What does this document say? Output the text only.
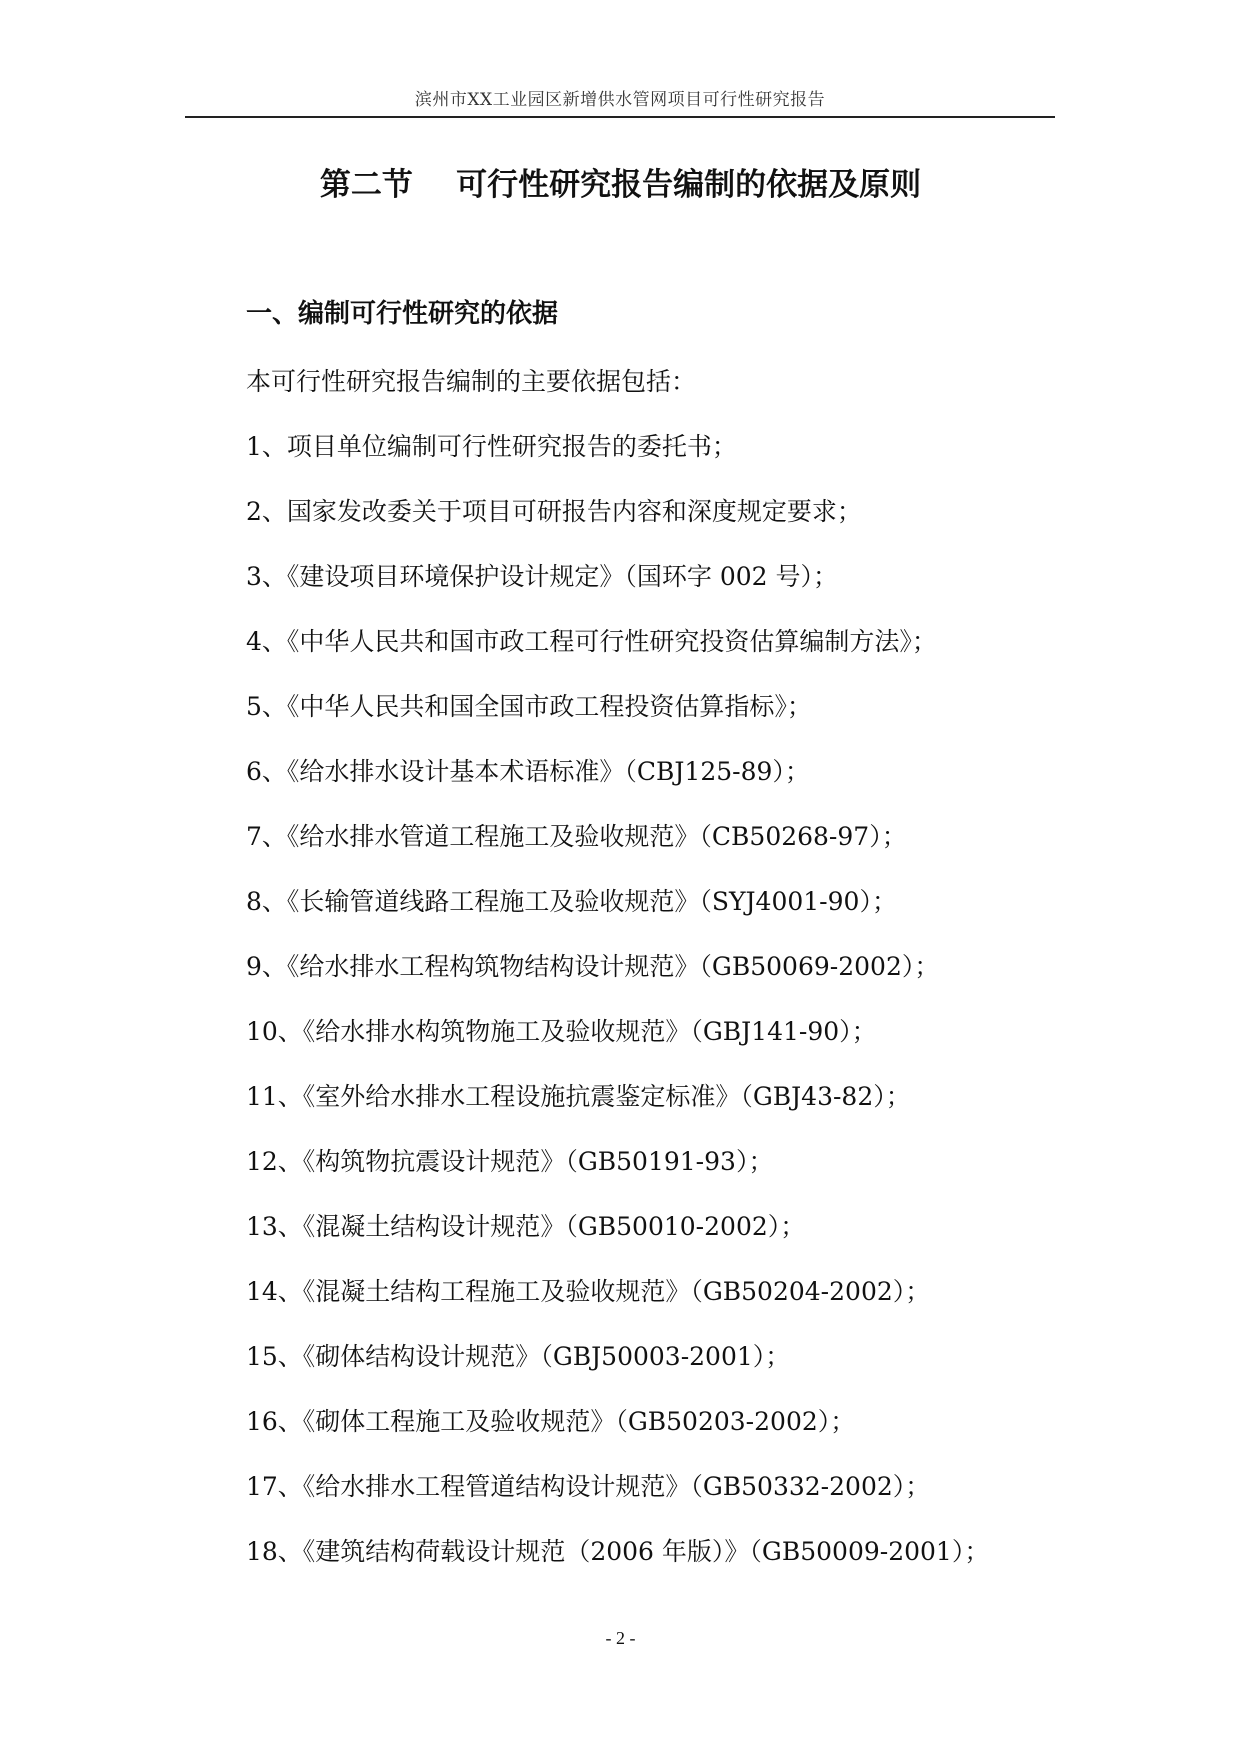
滨州市XX工业园区新增供水管网项目可行性研究报告
第二节    可行性研究报告编制的依据及原则
一、编制可行性研究的依据
本可行性研究报告编制的主要依据包括：
1、项目单位编制可行性研究报告的委托书；
2、国家发改委关于项目可研报告内容和深度规定要求；
3、《建设项目环境保护设计规定》（国环字 002 号）；
4、《中华人民共和国市政工程可行性研究投资估算编制方法》；
5、《中华人民共和国全国市政工程投资估算指标》；
6、《给水排水设计基本术语标准》（CBJ125-89）；
7、《给水排水管道工程施工及验收规范》（CB50268-97）；
8、《长输管道线路工程施工及验收规范》（SYJ4001-90）；
9、《给水排水工程构筑物结构设计规范》（GB50069-2002）；
10、《给水排水构筑物施工及验收规范》（GBJ141-90）；
11、《室外给水排水工程设施抗震鉴定标准》（GBJ43-82）；
12、《构筑物抗震设计规范》（GB50191-93）；
13、《混凝土结构设计规范》（GB50010-2002）；
14、《混凝土结构工程施工及验收规范》（GB50204-2002）；
15、《砌体结构设计规范》（GBJ50003-2001）；
16、《砌体工程施工及验收规范》（GB50203-2002）；
17、《给水排水工程管道结构设计规范》（GB50332-2002）；
18、《建筑结构荷载设计规范（2006 年版）》（GB50009-2001）；
- 2 -
